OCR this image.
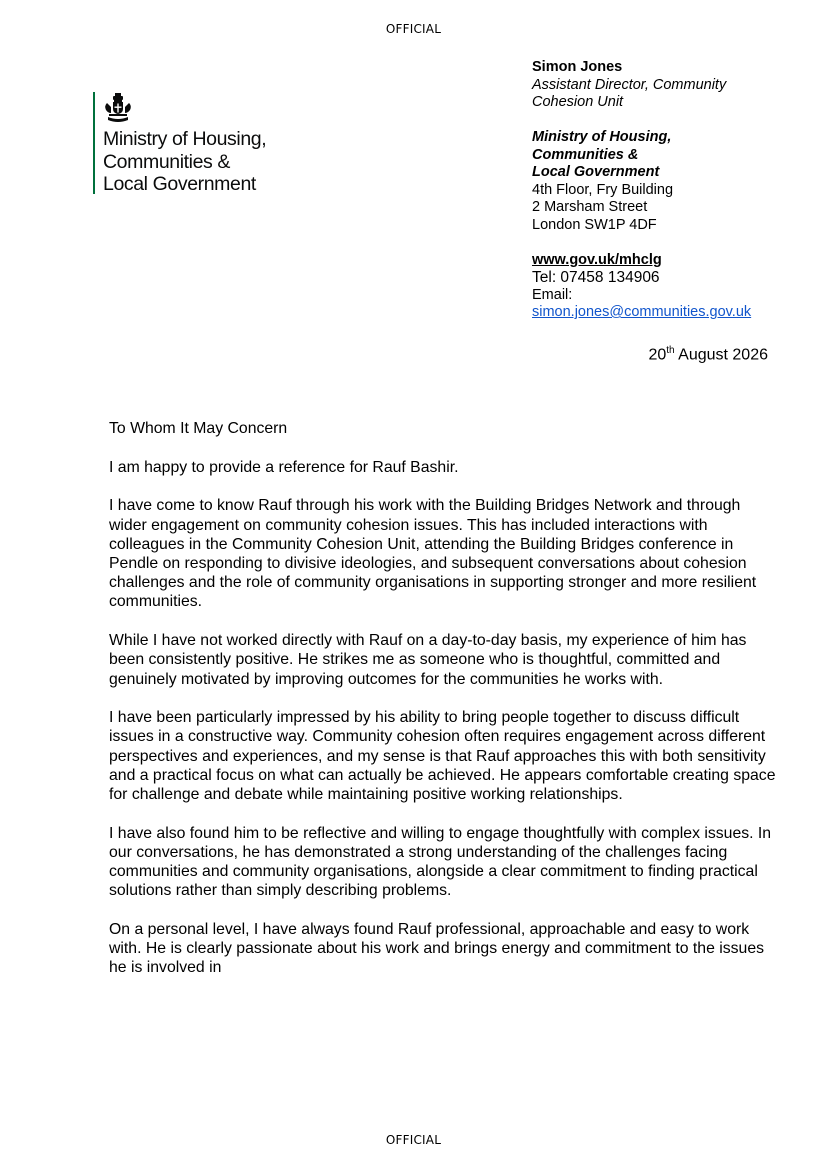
OFFICIAL
Ministry of Housing,
Communities &
Local Government
Simon Jones
Assistant Director, Community
Cohesion Unit
Ministry of Housing,
Communities &
Local Government
4th Floor, Fry Building
2 Marsham Street
London SW1P 4DF
www.gov.uk/mhclg
Tel: 07458 134906
Email:
simon.jones@communities.gov.uk
20th August 2026

To Whom It May Concern

I am happy to provide a reference for Rauf Bashir.

I have come to know Rauf through his work with the Building Bridges Network and through wider engagement on community cohesion issues. This has included interactions with colleagues in the Community Cohesion Unit, attending the Building Bridges conference in Pendle on responding to divisive ideologies, and subsequent conversations about cohesion challenges and the role of community organisations in supporting stronger and more resilient communities.

While I have not worked directly with Rauf on a day-to-day basis, my experience of him has been consistently positive. He strikes me as someone who is thoughtful, committed and genuinely motivated by improving outcomes for the communities he works with.

I have been particularly impressed by his ability to bring people together to discuss difficult issues in a constructive way. Community cohesion often requires engagement across different perspectives and experiences, and my sense is that Rauf approaches this with both sensitivity and a practical focus on what can actually be achieved. He appears comfortable creating space for challenge and debate while maintaining positive working relationships.

I have also found him to be reflective and willing to engage thoughtfully with complex issues. In our conversations, he has demonstrated a strong understanding of the challenges facing communities and community organisations, alongside a clear commitment to finding practical solutions rather than simply describing problems.

On a personal level, I have always found Rauf professional, approachable and easy to work with. He is clearly passionate about his work and brings energy and commitment to the issues he is involved in

OFFICIAL
